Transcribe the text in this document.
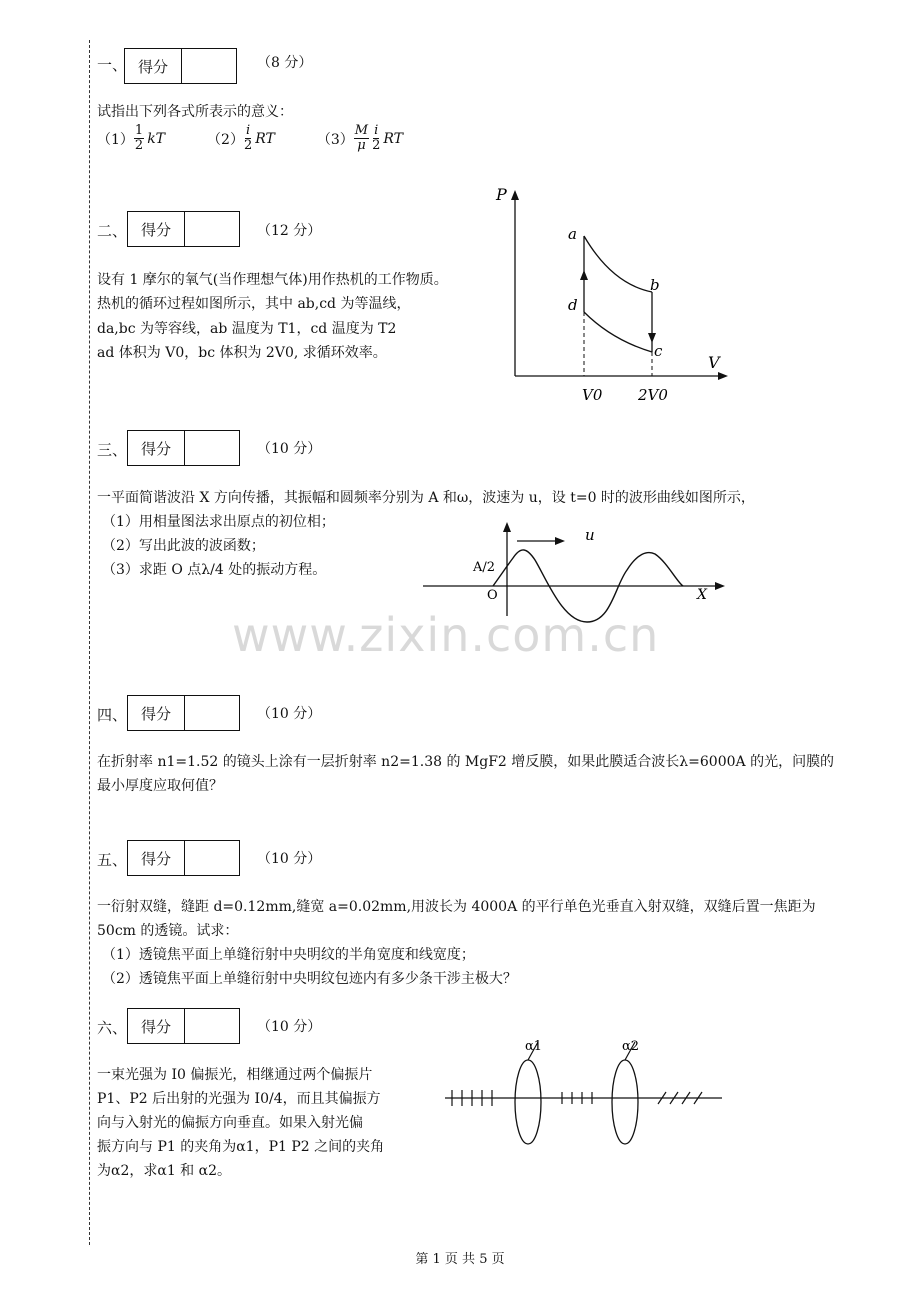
一、 得分	（8 分）
试指出下列各式所表示的意义：
$(1) \frac{1}{2}$ kT	$(2) \frac{i}{2}$ RT	$(3) \frac{M}{\mu} \frac{i}{2}$ RT
二、 得分	（12 分）
设有 1 摩尔的氧气(当作理想气体)用作热机的工作物质。
热机的循环过程如图所示，其中 ab,cd 为等温线，
da,bc 为等容线，ab 温度为 T1，cd 温度为 T2
ad 体积为 V0，bc 体积为 2V0, 求循环效率。
P
V
a
b
c
d
V0 2V0
三、 得分	（10 分）
一平面简谐波沿 X 方向传播，其振幅和圆频率分别为 A 和ω，波速为 u，设 t=0 时的波形曲线如图所示，
（1）用相量图法求出原点的初位相；
（2）写出此波的波函数；
（3）求距 O 点λ/4 处的振动方程。
u
A/2
O	X
www.zixin.com.cn
四、 得分	（10 分）
在折射率 n1=1.52 的镜头上涂有一层折射率 n2=1.38 的 MgF2 增反膜，如果此膜适合波长λ=6000A 的光，问膜的
最小厚度应取何值？
五、 得分	（10 分）
一衍射双缝，缝距 d=0.12mm,缝宽 a=0.02mm,用波长为 4000A 的平行单色光垂直入射双缝，双缝后置一焦距为
50cm 的透镜。试求：
（1）透镜焦平面上单缝衍射中央明纹的半角宽度和线宽度；
（2）透镜焦平面上单缝衍射中央明纹包迹内有多少条干涉主极大？
六、 得分	（10 分）
一束光强为 I0 偏振光，相继通过两个偏振片
P1、P2 后出射的光强为 I0/4，而且其偏振方
向与入射光的偏振方向垂直。如果入射光偏
振方向与 P1 的夹角为α1，P1 P2 之间的夹角
为α2，求α1 和 α2。
α1	α2
第 1 页 共 5 页
